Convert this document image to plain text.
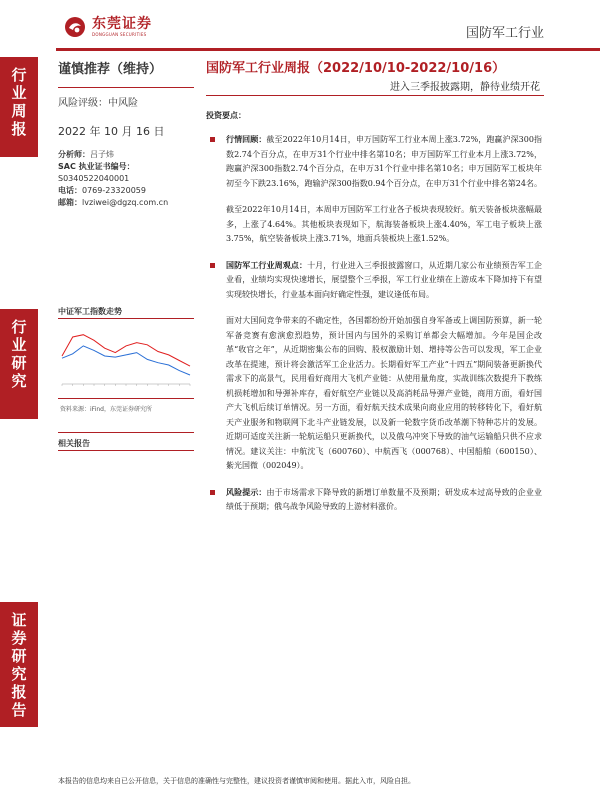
东莞证券
DONGGUAN SECURITIES	国防军工行业
行业周报
行业研究
证券研究报告
谨慎推荐（维持）
风险评级：中风险
2022 年 10 月 16 日
分析师：吕子炜
SAC 执业证书编号：
S0340522040001
电话：0769-23320059
邮箱：lvziwei@dgzq.com.cn
中证军工指数走势
资料来源：iFind，东莞证券研究所
相关报告
国防军工行业周报（2022/10/10-2022/10/16）
进入三季报披露期，静待业绩开花
投资要点：
行情回顾：截至2022年10月14日，申万国防军工行业本周上涨3.72%，跑赢沪深300指数2.74个百分点，在申万31个行业中排名第10名；申万国防军工行业本月上涨3.72%，跑赢沪深300指数2.74个百分点，在申万31个行业中排名第10名；申万国防军工板块年初至今下跌23.16%，跑输沪深300指数0.94个百分点，在申万31个行业中排名第24名。
截至2022年10月14日，本周申万国防军工行业各子板块表现较好。航天装备板块涨幅最多，上涨了4.64%。其他板块表现如下，航海装备板块上涨4.40%，军工电子板块上涨3.75%，航空装备板块上涨3.71%，地面兵装板块上涨1.52%。
国防军工行业周观点：十月，行业进入三季报披露窗口，从近期几家公布业绩预告军工企业看，业绩均实现快速增长，展望整个三季报，军工行业业绩在上游成本下降加持下有望实现较快增长，行业基本面向好确定性强，建议逢低布局。
面对大国间竞争带来的不确定性，各国都纷纷开始加强自身军备或上调国防预算，新一轮军备竞赛有愈演愈烈趋势，预计国内与国外的采购订单都会大幅增加。今年是国企改革“收官之年”，从近期密集公布的回购、股权激励计划、增持等公告可以发现，军工企业改革在提速，预计将会激活军工企业活力。长期看好军工产业“十四五”期间装备更新换代需求下的高景气，民用看好商用大飞机产业链：从使用量角度，实战训练次数提升下教练机损耗增加和导弹补库存，看好航空产业链以及高消耗品导弹产业链，商用方面，看好国产大飞机后续订单情况。另一方面，看好航天技术成果向商业应用的转移转化下，看好航天产业服务和物联网下北斗产业链发展，以及新一轮数字货币改革潮下特种芯片的发展。近期可适度关注新一轮航运船只更新换代，以及俄乌冲突下导致的油气运输船只供不应求情况。建议关注：中航沈飞（600760）、中航西飞（000768）、中国船舶（600150）、紫光国微（002049）。
风险提示：由于市场需求下降导致的新增订单数量不及预期；研发成本过高导致的企业业绩低于预期；俄乌战争风险导致的上游材料涨价。
本报告的信息均来自已公开信息，关于信息的准确性与完整性，建议投资者谨慎审阅和使用。据此入市，风险自担。
